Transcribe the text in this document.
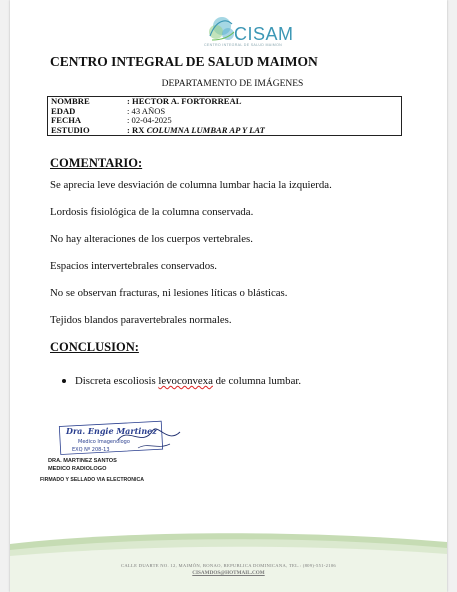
CISAM
CENTRO INTEGRAL DE SALUD MAIMON
CENTRO INTEGRAL DE SALUD MAIMON
DEPARTAMENTO DE IMÁGENES
NOMBRE	: HECTOR A. FORTORREAL
EDAD	: 43 AÑOS
FECHA	: 02-04-2025
ESTUDIO	: RX COLUMNA LUMBAR AP Y LAT
COMENTARIO:
Se aprecia leve desviación de columna lumbar hacia la izquierda.
Lordosis fisiológica de la columna conservada.
No hay alteraciones de los cuerpos vertebrales.
Espacios intervertebrales conservados.
No se observan fracturas, ni lesiones líticas o blásticas.
Tejidos blandos paravertebrales normales.
CONCLUSION:
Discreta escoliosis levoconvexa de columna lumbar.
Dra. Engie Martinez
Medico Imagenólogo
EXQ Nº 208-13
DRA. MARTINEZ SANTOS
MEDICO RADIOLOGO
FIRMADO Y SELLADO VIA ELECTRONICA
CALLE DUARTE NO. 12, MAIMÓN, BONAO, REPUBLICA DOMINICANA, TEL.: (809)-551-2106
CISAMDOS@HOTMAIL.COM
